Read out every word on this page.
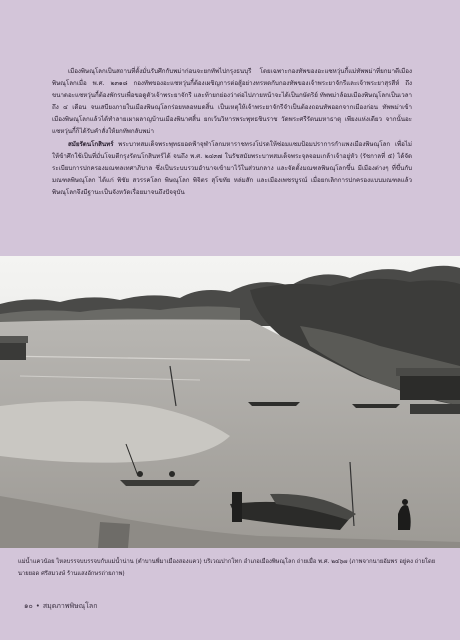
เมืองพิษณุโลกเป็นสถานที่ตั้งมั่นรับศึกกับพม่าก่อนจะยกทัพไปกรุงธนบุรี โดยเฉพาะกองทัพของอะแซหวุ่นกี้แม่ทัพพม่าที่ยกมาตีเมืองพิษณุโลกเมื่อ พ.ศ. ๒๓๑๘ กองทัพของอะแซหวุ่นกี้ต้องเผชิญการต่อสู้อย่างทรหดกับกองทัพของเจ้าพระยาจักรีและเจ้าพระยาสุรสีห์ ถึงขนาดอะแซหวุ่นกี้ต้องพักรบเพื่อขอดูตัวเจ้าพระยาจักรี และท้ายกย่องว่าต่อไปภายหน้าจะได้เป็นกษัตริย์ ทัพพม่าล้อมเมืองพิษณุโลกเป็นเวลาถึง ๔ เดือน จนเสบียงภายในเมืองพิษณุโลกร่อยหลอหมดสิ้น เป็นเหตุให้เจ้าพระยาจักรีจำเป็นต้องถอนทัพออกจากเมืองก่อน ทัพพม่าเข้าเมืองพิษณุโลกแล้วได้ทำลายเผาผลาญบ้านเมืองพินาศสิ้น ยกเว้นวิหารพระพุทธชินราช วัดพระศรีรัตนมหาธาตุ เพียงแห่งเดียว จากนั้นอะแซหวุ่นกี้ก็ได้รับคำสั่งให้ยกทัพกลับพม่า

สมัยรัตนโกสินทร์ พระบาทสมเด็จพระพุทธยอดฟ้าจุฬาโลกมหาราชทรงโปรดให้ซ่อมแซมป้อมปราการกำแพงเมืองพิษณุโลก เพื่อไม่ให้ข้าศึกใช้เป็นที่มั่นโจมตีกรุงรัตนโกสินทร์ได้ จนถึง พ.ศ. ๒๔๓๗ ในรัชสมัยพระบาทสมเด็จพระจุลจอมเกล้าเจ้าอยู่หัว (รัชกาลที่ ๕) ได้จัดระเบียบการปกครองมณฑลเทศาภิบาล ซึ่งเป็นระบบรวมอำนาจเข้ามาไว้ในส่วนกลาง และจัดตั้งมณฑลพิษณุโลกขึ้น มีเมืองต่างๆ ที่ขึ้นกับมณฑลพิษณุโลก ได้แก่ พิชัย สวรรคโลก พิษณุโลก พิจิตร สุโขทัย หล่มสัก และเมืองเพชรบูรณ์ เมื่อยกเลิกการปกครองแบบมณฑลแล้ว พิษณุโลกจึงมีฐานะเป็นจังหวัดเรื่อยมาจนถึงปัจจุบัน

แม่น้ำแควน้อย ไหลบรรจบบรรจบกับแม่น้ำน่าน (ตำบานพี่มาเมืองสองแคว) บริเวณปากโทก อำเภอเมืองพิษณุโลก ถ่ายเมื่อ พ.ศ. ๒๔๖๗ (ภาพจากนายอัมพร อยู่คง ถ่ายโดย นายยอด ศรีสมวงษ์ ร้านแสงอักษรถ่ายภาพ)
๑๐ • สมุดภาพพิษณุโลก
